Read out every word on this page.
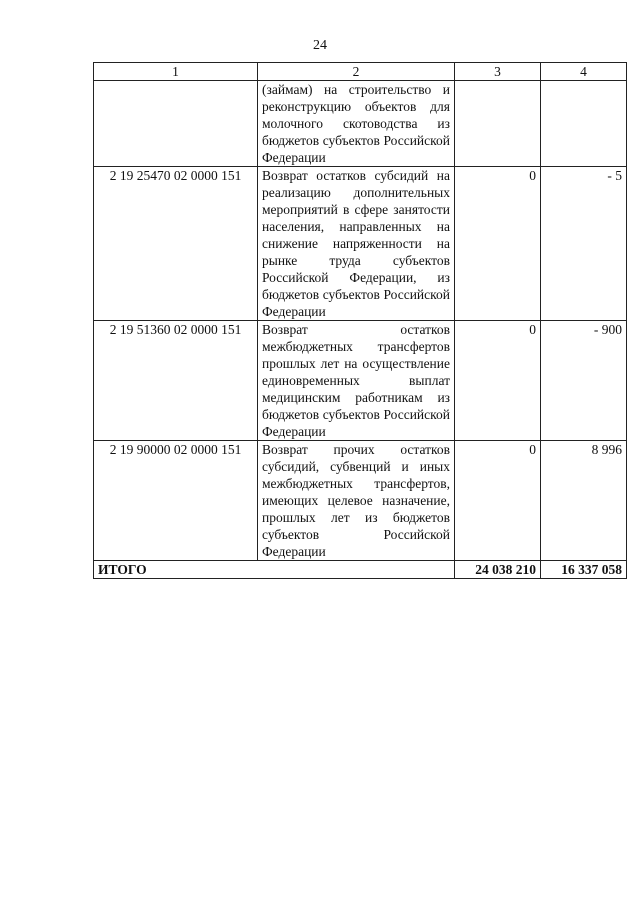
24
1	2	3	4
	(займам) на строительство и реконструкцию объектов для молочного скотоводства из бюджетов субъектов Российской Федерации		
2 19 25470 02 0000 151	Возврат остатков субсидий на реализацию дополнительных мероприятий в сфере занятости населения, направленных на снижение напряженности на рынке труда субъектов Российской Федерации, из бюджетов субъектов Российской Федерации	0	- 5
2 19 51360 02 0000 151	Возврат остатков межбюджетных трансфертов прошлых лет на осуществление единовременных выплат медицинским работникам из бюджетов субъектов Российской Федерации	0	- 900
2 19 90000 02 0000 151	Возврат прочих остатков субсидий, субвенций и иных межбюджетных трансфертов, имеющих целевое назначение, прошлых лет из бюджетов субъектов Российской Федерации	0	8 996
ИТОГО		24 038 210	16 337 058
